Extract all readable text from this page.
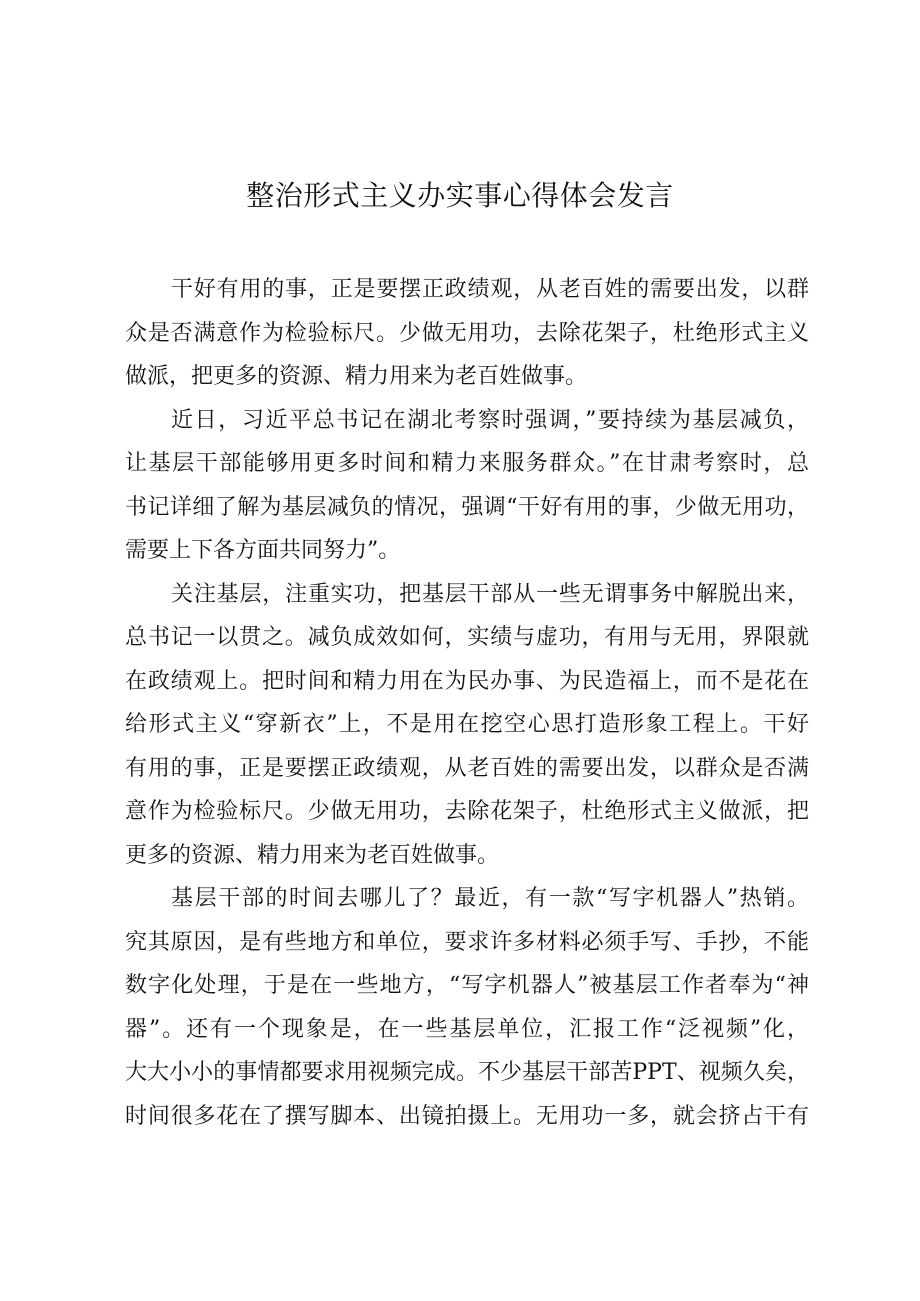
整治形式主义办实事心得体会发言

干好有用的事，正是要摆正政绩观，从老百姓的需要出发，以群
众是否满意作为检验标尺。少做无用功，去除花架子，杜绝形式主义
做派，把更多的资源、精力用来为老百姓做事。

近日，习近平总书记在湖北考察时强调，”要持续为基层减负，
让基层干部能够用更多时间和精力来服务群众。”在甘肃考察时，总
书记详细了解为基层减负的情况，强调“干好有用的事，少做无用功，
需要上下各方面共同努力”。

关注基层，注重实功，把基层干部从一些无谓事务中解脱出来，
总书记一以贯之。减负成效如何，实绩与虚功，有用与无用，界限就
在政绩观上。把时间和精力用在为民办事、为民造福上，而不是花在
给形式主义“穿新衣”上，不是用在挖空心思打造形象工程上。干好
有用的事，正是要摆正政绩观，从老百姓的需要出发，以群众是否满
意作为检验标尺。少做无用功，去除花架子，杜绝形式主义做派，把
更多的资源、精力用来为老百姓做事。

基层干部的时间去哪儿了？最近，有一款“写字机器人”热销。
究其原因，是有些地方和单位，要求许多材料必须手写、手抄，不能
数字化处理，于是在一些地方，“写字机器人”被基层工作者奉为“神
器”。还有一个现象是，在一些基层单位，汇报工作“泛视频”化，
大大小小的事情都要求用视频完成。不少基层干部苦PPT、视频久矣，
时间很多花在了撰写脚本、出镜拍摄上。无用功一多，就会挤占干有
